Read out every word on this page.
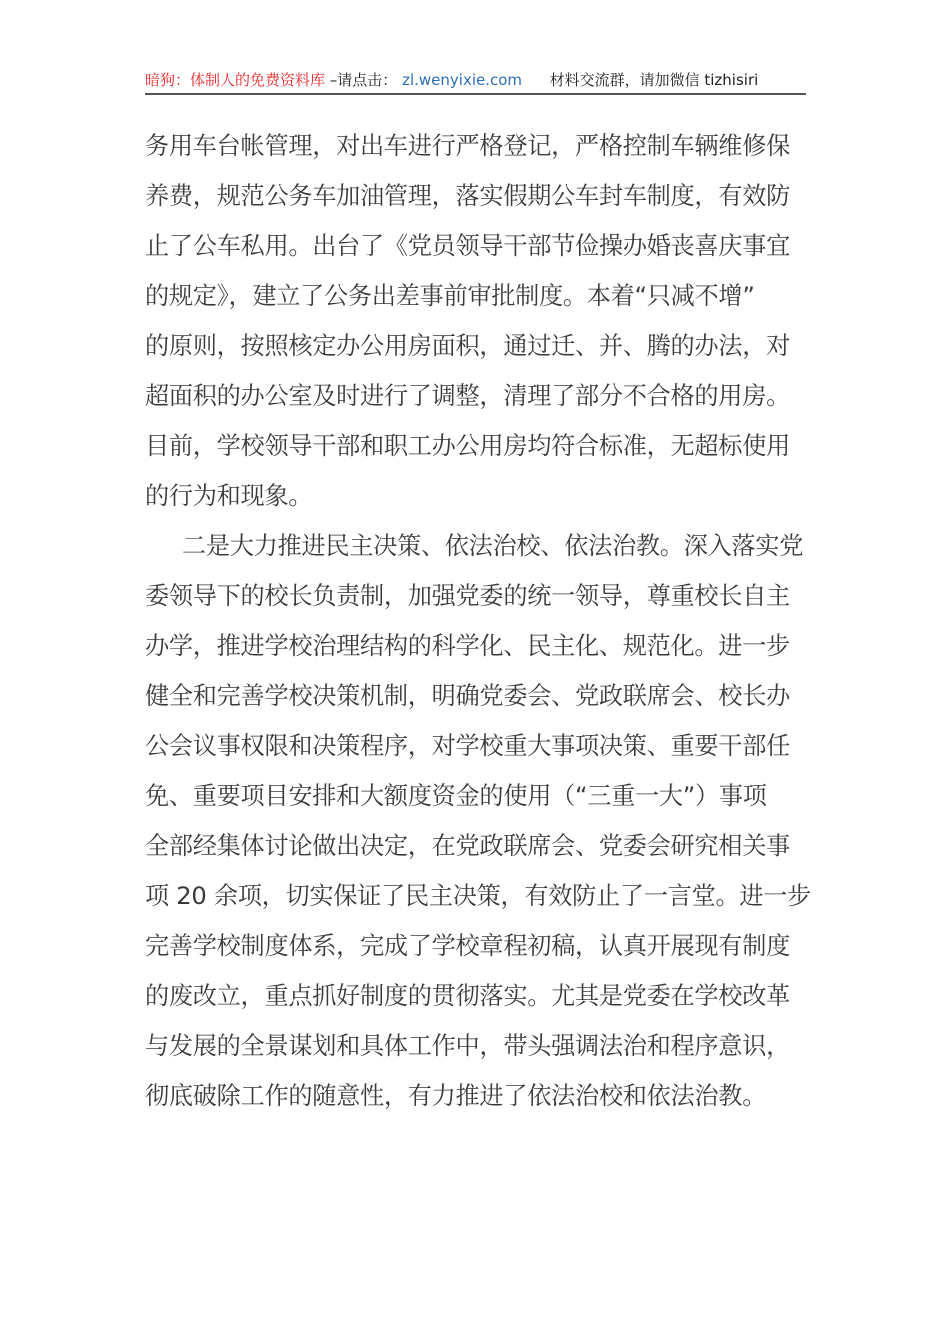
暗狗：体制人的免费资料库 –请点击： zl.wenyixie.com 材料交流群，请加微信 tizhisiri

务用车台帐管理，对出车进行严格登记，严格控制车辆维修保
养费，规范公务车加油管理，落实假期公车封车制度，有效防
止了公车私用。出台了《党员领导干部节俭操办婚丧喜庆事宜
的规定》，建立了公务出差事前审批制度。本着“只减不增”
的原则，按照核定办公用房面积，通过迁、并、腾的办法，对
超面积的办公室及时进行了调整，清理了部分不合格的用房。
目前，学校领导干部和职工办公用房均符合标准，无超标使用
的行为和现象。

二是大力推进民主决策、依法治校、依法治教。深入落实党
委领导下的校长负责制，加强党委的统一领导，尊重校长自主
办学，推进学校治理结构的科学化、民主化、规范化。进一步
健全和完善学校决策机制，明确党委会、党政联席会、校长办
公会议事权限和决策程序，对学校重大事项决策、重要干部任
免、重要项目安排和大额度资金的使用（“三重一大”）事项
全部经集体讨论做出决定，在党政联席会、党委会研究相关事
项 20 余项，切实保证了民主决策，有效防止了一言堂。进一步
完善学校制度体系，完成了学校章程初稿，认真开展现有制度
的废改立，重点抓好制度的贯彻落实。尤其是党委在学校改革
与发展的全景谋划和具体工作中，带头强调法治和程序意识，
彻底破除工作的随意性，有力推进了依法治校和依法治教。
